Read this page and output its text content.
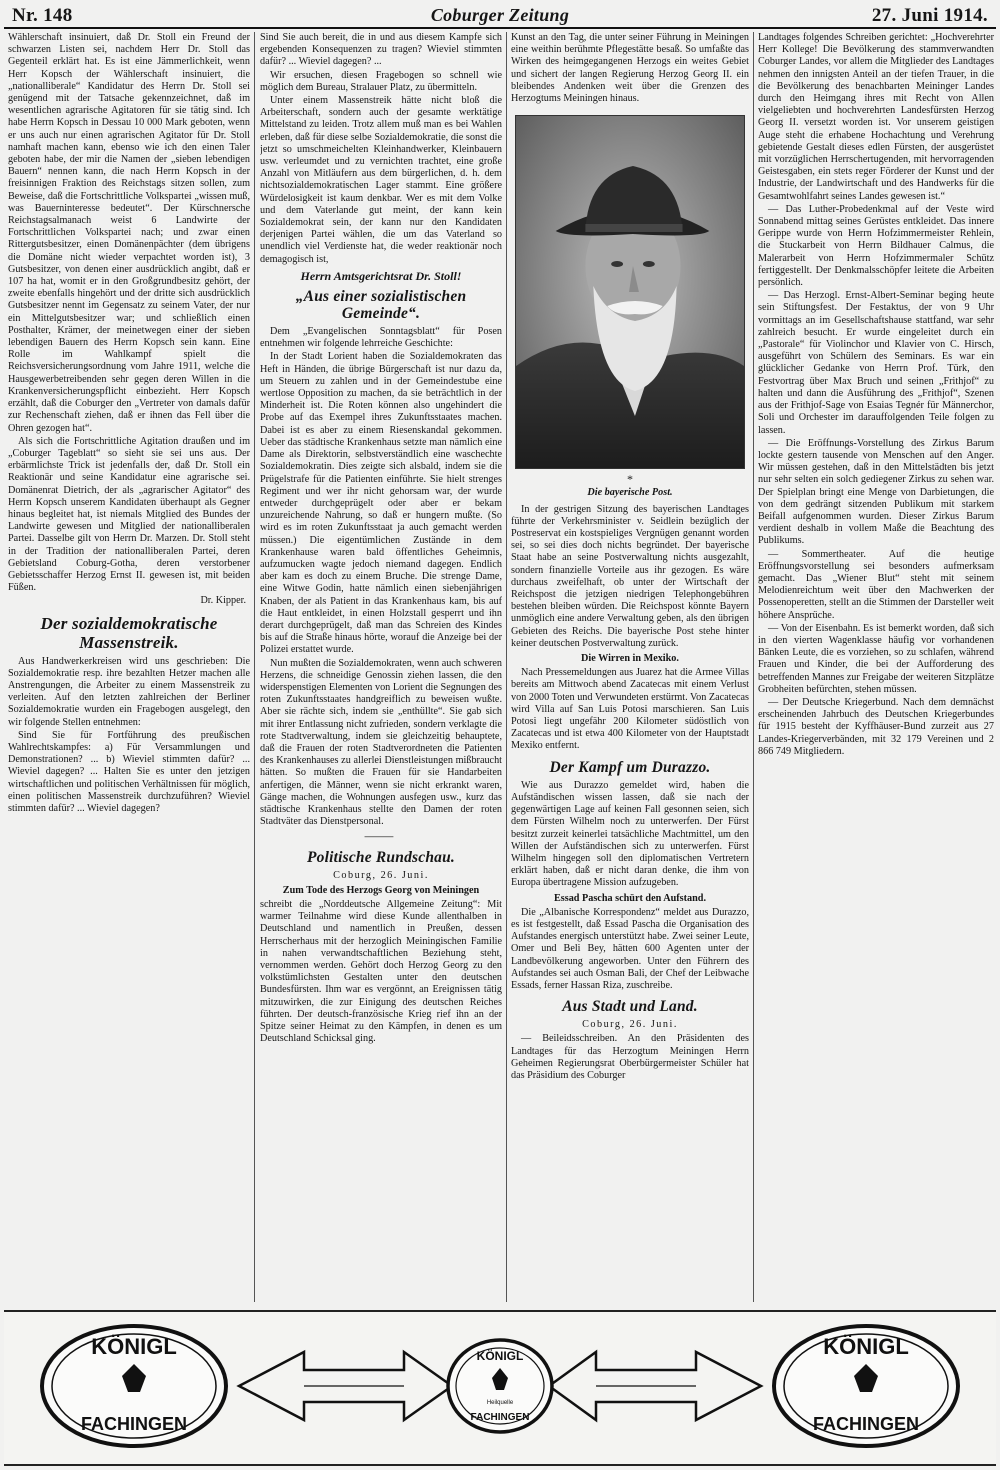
Nr. 148	Coburger Zeitung	27. Juni 1914.

Wählerschaft insinuiert, daß Dr. Stoll ein Freund der schwarzen Listen sei, nachdem Herr Dr. Stoll das Gegenteil erklärt hat. Es ist eine Jämmerlichkeit, wenn Herr Kopsch der Wählerschaft insinuiert, die „nationalliberale“ Kandidatur des Herrn Dr. Stoll sei genügend mit der Tatsache gekennzeichnet, daß im wesentlichen agrarische Agitatoren für sie tätig sind. Ich habe Herrn Kopsch in Dessau 10 000 Mark geboten, wenn er uns auch nur einen agrarischen Agitator für Dr. Stoll namhaft machen kann, ebenso wie ich den einen Taler geboten habe, der mir die Namen der „sieben lebendigen Bauern“ nennen kann, die nach Herrn Kopsch in der freisinnigen Fraktion des Reichstags sitzen sollen, zum Beweise, daß die Fortschrittliche Volkspartei „wissen muß, was Bauerninteresse bedeutet“. Der Kürschnersche Reichstagsalmanach weist 6 Landwirte der Fortschrittlichen Volkspartei nach; und zwar einen Rittergutsbesitzer, einen Domänenpächter (dem übrigens die Domäne nicht wieder verpachtet worden ist), 3 Gutsbesitzer, von denen einer ausdrücklich angibt, daß er 107 ha hat, womit er in den Großgrundbesitz gehört, der zweite ebenfalls hingehört und der dritte sich ausdrücklich Gutsbesitzer nennt im Gegensatz zu seinem Vater, der nur ein Mittelgutsbesitzer war; und schließlich einen Posthalter, Krämer, der meinetwegen einer der sieben lebendigen Bauern des Herrn Kopsch sein kann. Eine Rolle im Wahlkampf spielt die Reichsversicherungsordnung vom Jahre 1911, welche die Hausgewerbetreibenden sehr gegen deren Willen in die Krankenversicherungspflicht einbezieht. Herr Kopsch erzählt, daß die Coburger den „Vertreter von damals dafür zur Rechenschaft ziehen, daß er ihnen das Fell über die Ohren gezogen hat“.

Als sich die Fortschrittliche Agitation draußen und im „Coburger Tageblatt“ so sieht sie sei uns aus. Der erbärmlichste Trick ist jedenfalls der, daß Dr. Stoll ein Reaktionär und seine Kandidatur eine agrarische sei. Domänenrat Dietrich, der als „agrarischer Agitator“ des Herrn Kopsch unserem Kandidaten überhaupt als Gegner hinaus begleitet hat, ist niemals Mitglied des Bundes der Landwirte gewesen und Mitglied der nationalliberalen Partei. Dasselbe gilt von Herrn Dr. Marzen. Dr. Stoll steht in der Tradition der nationalliberalen Partei, deren Gebietsland Coburg-Gotha, deren verstorbener Gebietsschaffer Herzog Ernst II. gewesen ist, mit beiden Füßen.

Dr. Kipper.
Der sozialdemokratische Massenstreik.

Aus Handwerkerkreisen wird uns geschrieben: Die Sozialdemokratie resp. ihre bezahlten Hetzer machen alle Anstrengungen, die Arbeiter zu einem Massenstreik zu verleiten. Auf den letzten zahlreichen der Berliner Sozialdemokratie wurden ein Fragebogen ausgelegt, den wir folgende Stellen entnehmen:

Sind Sie für Fortführung des preußischen Wahlrechtskampfes: a) Für Versammlungen und Demonstrationen? ... b) Wieviel stimmten dafür? ... Wieviel dagegen? ... Halten Sie es unter den jetzigen wirtschaftlichen und politischen Verhältnissen für möglich, einen politischen Massenstreik durchzuführen? Wieviel stimmten dafür? ... Wieviel dagegen?

Sind Sie auch bereit, die in und aus diesem Kampfe sich ergebenden Konsequenzen zu tragen? Wieviel stimmten dafür? ... Wieviel dagegen? ...

Wir ersuchen, diesen Fragebogen so schnell wie möglich dem Bureau, Stralauer Platz, zu übermitteln.

Unter einem Massenstreik hätte nicht bloß die Arbeiterschaft, sondern auch der gesamte werktätige Mittelstand zu leiden. Trotz allem muß man es bei Wahlen erleben, daß für diese selbe Sozialdemokratie, die sonst die jetzt so umschmeichelten Kleinhandwerker, Kleinbauern usw. verleumdet und zu vernichten trachtet, eine große Anzahl von Mitläufern aus dem bürgerlichen, d. h. dem nichtsozialdemokratischen Lager stammt. Eine größere Würdelosigkeit ist kaum denkbar. Wer es mit dem Volke und dem Vaterlande gut meint, der kann kein Sozialdemokrat sein, der kann nur den Kandidaten derjenigen Partei wählen, die um das Vaterland so unendlich viel Verdienste hat, die weder reaktionär noch demagogisch ist,

Herrn Amtsgerichtsrat Dr. Stoll!
„Aus einer sozialistischen Gemeinde“.

Dem „Evangelischen Sonntagsblatt“ für Posen entnehmen wir folgende lehrreiche Geschichte:

In der Stadt Lorient haben die Sozialdemokraten das Heft in Händen, die übrige Bürgerschaft ist nur dazu da, um Steuern zu zahlen und in der Gemeindestube eine wertlose Opposition zu machen, da sie beträchtlich in der Minderheit ist. Die Roten können also ungehindert die Probe auf das Exempel ihres Zukunftsstaates machen. Dabei ist es aber zu einem Riesenskandal gekommen. Ueber das städtische Krankenhaus setzte man nämlich eine Dame als Direktorin, selbstverständlich eine waschechte Sozialdemokratin. Dies zeigte sich alsbald, indem sie die Prügelstrafe für die Patienten einführte. Sie hielt strenges Regiment und wer ihr nicht gehorsam war, der wurde entweder durchgeprügelt oder aber er bekam unzureichende Nahrung, so daß er hungern mußte. (So wird es im roten Zukunftsstaat ja auch gemacht werden müssen.) Die eigentümlichen Zustände in dem Krankenhause waren bald öffentliches Geheimnis, aufzumucken wagte jedoch niemand dagegen. Endlich aber kam es doch zu einem Bruche. Die strenge Dame, eine Witwe Godin, hatte nämlich einen siebenjährigen Knaben, der als Patient in das Krankenhaus kam, bis auf die Haut entkleidet, in einen Holzstall gesperrt und ihn derart durchgeprügelt, daß man das Schreien des Kindes bis auf die Straße hinaus hörte, worauf die Anzeige bei der Polizei erstattet wurde.

Nun mußten die Sozialdemokraten, wenn auch schweren Herzens, die schneidige Genossin ziehen lassen, die den widerspenstigen Elementen von Lorient die Segnungen des roten Zukunftsstaates handgreiflich zu beweisen wußte. Aber sie rächte sich, indem sie „enthüllte“. Sie gab sich mit ihrer Entlassung nicht zufrieden, sondern verklagte die rote Stadtverwaltung, indem sie gleichzeitig behauptete, daß die Frauen der roten Stadtverordneten die Patienten des Krankenhauses zu allerlei Dienstleistungen mißbraucht hätten. So mußten die Frauen für sie Handarbeiten anfertigen, die Männer, wenn sie nicht erkrankt waren, Gänge machen, die Wohnungen ausfegen usw., kurz das städtische Krankenhaus stellte den Damen der roten Stadtväter das Dienstpersonal.

⸻
Politische Rundschau.
Coburg, 26. Juni.
Zum Tode des Herzogs Georg von Meiningen

schreibt die „Norddeutsche Allgemeine Zeitung“: Mit warmer Teilnahme wird diese Kunde allenthalben in Deutschland und namentlich in Preußen, dessen Herrscherhaus mit der herzoglich Meiningischen Familie in nahen verwandtschaftlichen Beziehung steht, vernommen werden. Gehört doch Herzog Georg zu den volkstümlichsten Gestalten unter den deutschen Bundesfürsten. Ihm war es vergönnt, an Ereignissen tätig mitzuwirken, die zur Einigung des deutschen Reiches führten. Der deutsch-französische Krieg rief ihn an der Spitze seiner Heimat zu den Kämpfen, in denen es um Deutschland Schicksal ging.

Kunst an den Tag, die unter seiner Führung in Meiningen eine weithin berühmte Pflegestätte besaß. So umfaßte das Wirken des heimgegangenen Herzogs ein weites Gebiet und sichert der langen Regierung Herzog Georg II. ein bleibendes Andenken weit über die Grenzen des Herzogtums Meiningen hinaus.

*
Die bayerische Post.

In der gestrigen Sitzung des bayerischen Landtages führte der Verkehrsminister v. Seidlein bezüglich der Postreservat ein kostspieliges Vergnügen genannt worden sei, so sei dies doch nichts begründet. Der bayerische Staat habe an seine Postverwaltung nichts ausgezahlt, sondern finanzielle Vorteile aus ihr gezogen. Es wäre durchaus zweifelhaft, ob unter der Wirtschaft der Reichspost die jetzigen niedrigen Telephongebühren bestehen bleiben würden. Die Reichspost könnte Bayern unmöglich eine andere Verwaltung geben, als den übrigen Gebieten des Reichs. Die bayerische Post stehe hinter keiner deutschen Postverwaltung zurück.

Die Wirren in Mexiko.

Nach Pressemeldungen aus Juarez hat die Armee Villas bereits am Mittwoch abend Zacatecas mit einem Verlust von 2000 Toten und Verwundeten erstürmt. Von Zacatecas wird Villa auf San Luis Potosi marschieren. San Luis Potosi liegt ungefähr 200 Kilometer südöstlich von Zacatecas und ist etwa 400 Kilometer von der Hauptstadt Mexiko entfernt.

Der Kampf um Durazzo.

Wie aus Durazzo gemeldet wird, haben die Aufständischen wissen lassen, daß sie nach der gegenwärtigen Lage auf keinen Fall gesonnen seien, sich dem Fürsten Wilhelm noch zu unterwerfen. Der Fürst besitzt zurzeit keinerlei tatsächliche Machtmittel, um den Willen der Aufständischen sich zu unterwerfen. Fürst Wilhelm hingegen soll den diplomatischen Vertretern erklärt haben, daß er nicht daran denke, die ihm von Europa übertragene Mission aufzugeben.

Essad Pascha schürt den Aufstand.

Die „Albanische Korrespondenz“ meldet aus Durazzo, es ist festgestellt, daß Essad Pascha die Organisation des Aufstandes energisch unterstützt habe. Zwei seiner Leute, Omer und Beli Bey, hätten 600 Agenten unter der Landbevölkerung angeworben. Unter den Führern des Aufstandes sei auch Osman Bali, der Chef der Leibwache Essads, ferner Hassan Riza, zuschreibe.

Aus Stadt und Land.
Coburg, 26. Juni.

— Beileidsschreiben. An den Präsidenten des Landtages für das Herzogtum Meiningen Herrn Geheimen Regierungsrat Oberbürgermeister Schüler hat das Präsidium des Coburger

Landtages folgendes Schreiben gerichtet: „Hochverehrter Herr Kollege! Die Bevölkerung des stammverwandten Coburger Landes, vor allem die Mitglieder des Landtages nehmen den innigsten Anteil an der tiefen Trauer, in die die Bevölkerung des benachbarten Meininger Landes durch den Heimgang ihres mit Recht von Allen vielgeliebten und hochverehrten Landesfürsten Herzog Georg II. versetzt worden ist. Vor unserem geistigen Auge steht die erhabene Hochachtung und Verehrung gebietende Gestalt dieses edlen Fürsten, der ausgerüstet mit vorzüglichen Herrschertugenden, mit hervorragenden Geistesgaben, ein stets reger Förderer der Kunst und der Industrie, der Landwirtschaft und des Handwerks für die Gesamtwohlfahrt seines Landes gewesen ist.“

— Das Luther-Probedenkmal auf der Veste wird Sonnabend mittag seines Gerüstes entkleidet. Das innere Gerippe wurde von Herrn Hofzimmermeister Rehlein, die Stuckarbeit von Herrn Bildhauer Calmus, die Malerarbeit von Herrn Hofzimmermaler Schütz fertiggestellt. Der Denkmalsschöpfer leitete die Arbeiten persönlich.

— Das Herzogl. Ernst-Albert-Seminar beging heute sein Stiftungsfest. Der Festaktus, der von 9 Uhr vormittags an im Gesellschaftshause stattfand, war sehr zahlreich besucht. Er wurde eingeleitet durch ein „Pastorale“ für Violinchor und Klavier von C. Hirsch, ausgeführt von Schülern des Seminars. Es war ein glücklicher Gedanke von Herrn Prof. Türk, den Festvortrag über Max Bruch und seinen „Frithjof“ zu halten und dann die Ausführung des „Frithjof“, Szenen aus der Frithjof-Sage von Esaias Tegnér für Männerchor, Soli und Orchester im darauffolgenden Teile folgen zu lassen.

— Die Eröffnungs-Vorstellung des Zirkus Barum lockte gestern tausende von Menschen auf den Anger. Wir müssen gestehen, daß in den Mittelstädten bis jetzt nur sehr selten ein solch gediegener Zirkus zu sehen war. Der Spielplan bringt eine Menge von Darbietungen, die von dem gedrängt sitzenden Publikum mit starkem Beifall aufgenommen wurden. Dieser Zirkus Barum verdient deshalb in vollem Maße die Beachtung des Publikums.

— Sommertheater. Auf die heutige Eröffnungsvorstellung sei besonders aufmerksam gemacht. Das „Wiener Blut“ steht mit seinem Melodienreichtum weit über den Machwerken der Possenoperetten, stellt an die Stimmen der Darsteller weit höhere Ansprüche.

— Von der Eisenbahn. Es ist bemerkt worden, daß sich in den vierten Wagenklasse häufig vor vorhandenen Bänken Leute, die es vorziehen, so zu schlafen, während Frauen und Kinder, die bei der Aufforderung des betreffenden Mannes zur Freigabe der weiteren Sitzplätze Grobheiten befürchten, stehen müssen.

— Der Deutsche Kriegerbund. Nach dem demnächst erscheinenden Jahrbuch des Deutschen Kriegerbundes für 1915 besteht der Kyffhäuser-Bund zurzeit aus 27 Landes-Kriegerverbänden, mit 32 179 Vereinen und 2 866 749 Mitgliedern.

KÖNIGL
FACHINGEN
KÖNIGL
Heilquelle
FACHINGEN
KÖNIGL
FACHINGEN
